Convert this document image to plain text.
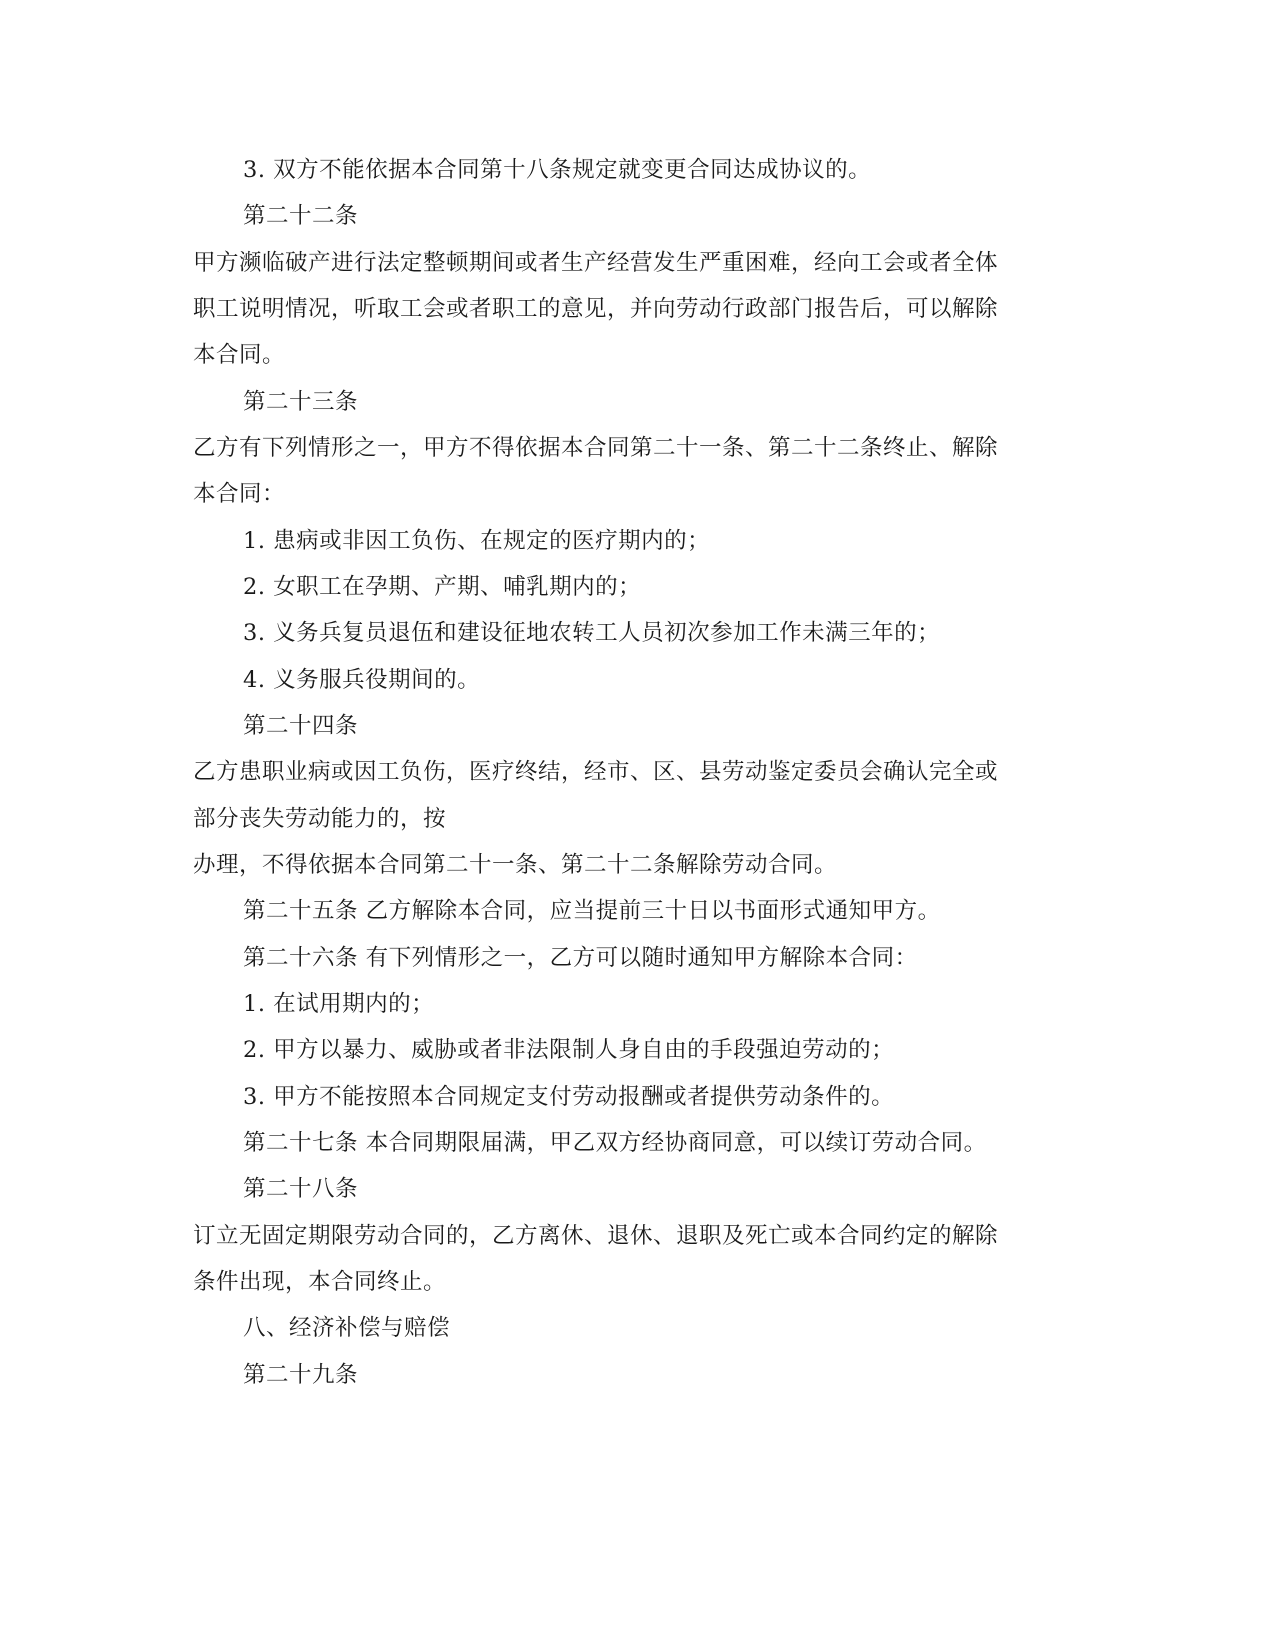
3. 双方不能依据本合同第十八条规定就变更合同达成协议的。
第二十二条
甲方濒临破产进行法定整顿期间或者生产经营发生严重困难，经向工会或者全体
职工说明情况，听取工会或者职工的意见，并向劳动行政部门报告后，可以解除
本合同。
第二十三条
乙方有下列情形之一，甲方不得依据本合同第二十一条、第二十二条终止、解除
本合同：
1. 患病或非因工负伤、在规定的医疗期内的；
2. 女职工在孕期、产期、哺乳期内的；
3. 义务兵复员退伍和建设征地农转工人员初次参加工作未满三年的；
4. 义务服兵役期间的。
第二十四条
乙方患职业病或因工负伤，医疗终结，经市、区、县劳动鉴定委员会确认完全或
部分丧失劳动能力的，按
办理，不得依据本合同第二十一条、第二十二条解除劳动合同。
第二十五条 乙方解除本合同，应当提前三十日以书面形式通知甲方。
第二十六条 有下列情形之一，乙方可以随时通知甲方解除本合同：
1. 在试用期内的；
2. 甲方以暴力、威胁或者非法限制人身自由的手段强迫劳动的；
3. 甲方不能按照本合同规定支付劳动报酬或者提供劳动条件的。
第二十七条 本合同期限届满，甲乙双方经协商同意，可以续订劳动合同。
第二十八条
订立无固定期限劳动合同的，乙方离休、退休、退职及死亡或本合同约定的解除
条件出现，本合同终止。
八、经济补偿与赔偿
第二十九条
